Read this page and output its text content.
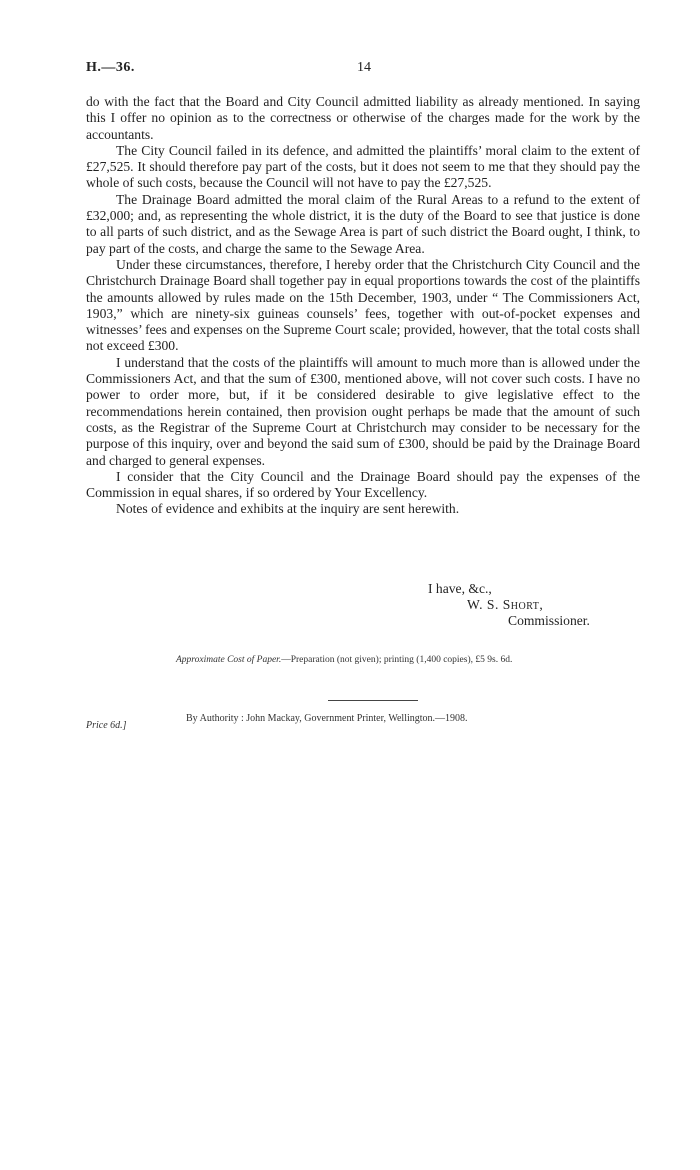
H.—36.	14

do with the fact that the Board and City Council admitted liability as already mentioned. In saying this I offer no opinion as to the correctness or otherwise of the charges made for the work by the accountants.

The City Council failed in its defence, and admitted the plaintiffs’ moral claim to the extent of £27,525. It should therefore pay part of the costs, but it does not seem to me that they should pay the whole of such costs, because the Council will not have to pay the £27,525.

The Drainage Board admitted the moral claim of the Rural Areas to a refund to the extent of £32,000; and, as representing the whole district, it is the duty of the Board to see that justice is done to all parts of such district, and as the Sewage Area is part of such district the Board ought, I think, to pay part of the costs, and charge the same to the Sewage Area.

Under these circumstances, therefore, I hereby order that the Christchurch City Council and the Christchurch Drainage Board shall together pay in equal proportions towards the cost of the plaintiffs the amounts allowed by rules made on the 15th December, 1903, under “ The Commissioners Act, 1903,” which are ninety-six guineas counsels’ fees, together with out-of-pocket expenses and witnesses’ fees and expenses on the Supreme Court scale; provided, however, that the total costs shall not exceed £300.

I understand that the costs of the plaintiffs will amount to much more than is allowed under the Commissioners Act, and that the sum of £300, mentioned above, will not cover such costs. I have no power to order more, but, if it be considered desirable to give legislative effect to the recommendations herein contained, then provision ought perhaps be made that the amount of such costs, as the Registrar of the Supreme Court at Christchurch may consider to be necessary for the purpose of this inquiry, over and beyond the said sum of £300, should be paid by the Drainage Board and charged to general expenses.

I consider that the City Council and the Drainage Board should pay the expenses of the Commission in equal shares, if so ordered by Your Excellency.

Notes of evidence and exhibits at the inquiry are sent herewith.

I have, &c.,
W. S. Short,
Commissioner.
Approximate Cost of Paper.—Preparation (not given); printing (1,400 copies), £5 9s. 6d.
By Authority : John Mackay, Government Printer, Wellington.—1908.
Price 6d.]
